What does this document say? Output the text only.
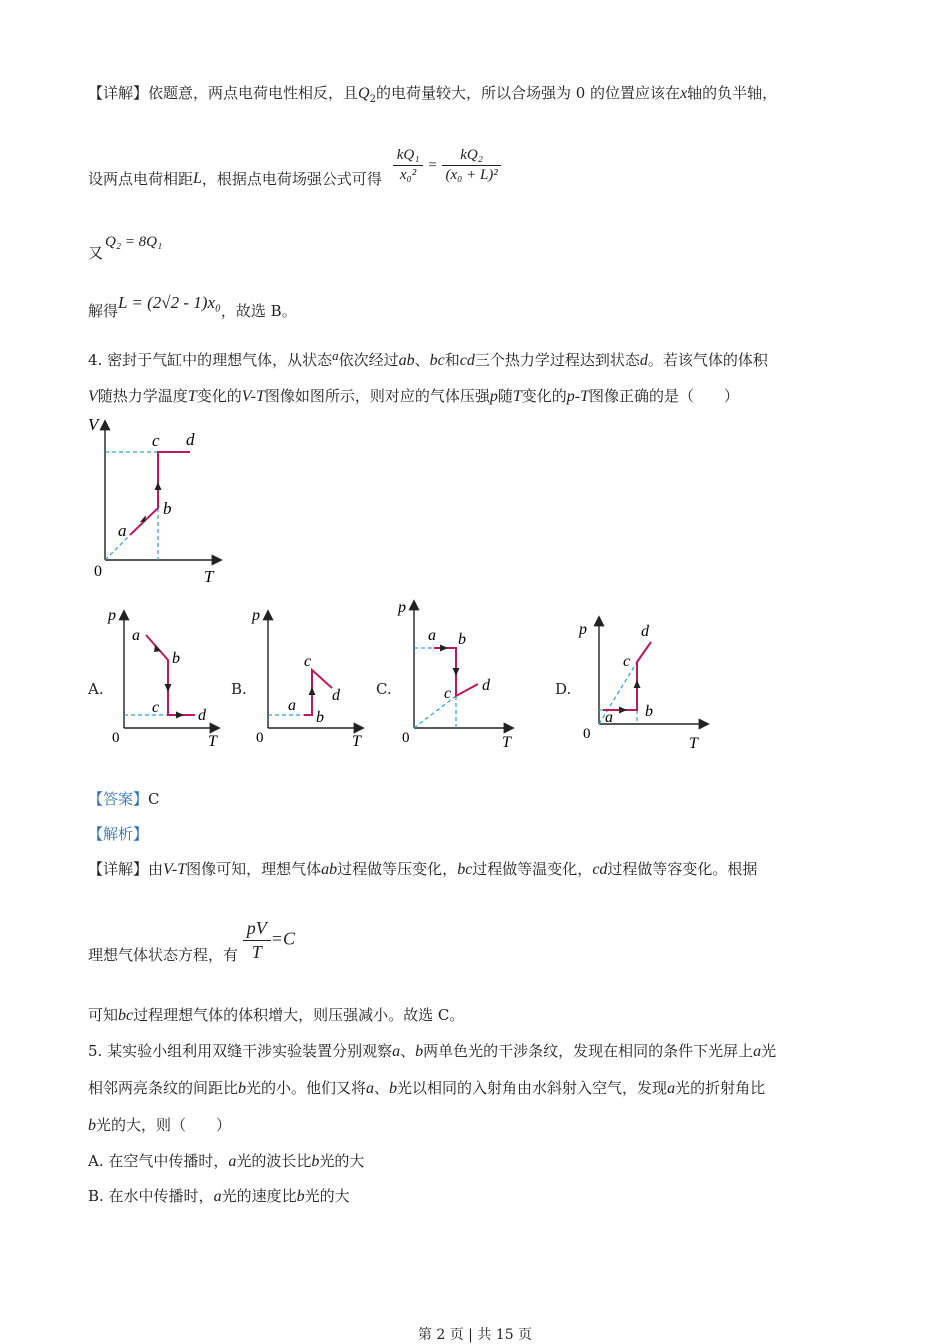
【详解】依题意，两点电荷电性相反，且$Q_2$的电荷量较大，所以合场强为 0 的位置应该在x轴的负半轴，
设两点电荷相距L，根据点电荷场强公式可得 $\frac{\text{kQ₁}}{\text{x₀²}} = \frac{\text{kQ₂}}{\text{(x₀ + L)²}}$
又Q₂ = 8Q₁
解得L = (2√2 - 1)x₀，故选 B。
4. 密封于气缸中的理想气体，从状态a依次经过ab、bc和cd三个热力学过程达到状态d。若该气体的体积
V随热力学温度T变化的V-T图像如图所示，则对应的气体压强p随T变化的p-T图像正确的是（　　）
V
T
0
a
b
c d
A.
p
T
0
a
b
c d
B.
p
T
0
a
b
c
d C.
p
T
0
a b
c d	D.
p
T
0
a b
c
d
【答案】C
【解析】
【详解】由V-T图像可知，理想气体ab过程做等压变化，bc过程做等温变化，cd过程做等容变化。根据
理想气体状态方程，有 $\frac{pV}{T} =C$
可知bc过程理想气体的体积增大，则压强减小。故选 C。
5. 某实验小组利用双缝干涉实验装置分别观察a、b两单色光的干涉条纹，发现在相同的条件下光屏上a光
相邻两亮条纹的间距比b光的小。他们又将a、b光以相同的入射角由水斜射入空气，发现a光的折射角比
b光的大，则（　　）
A. 在空气中传播时，a光的波长比b光的大
B. 在水中传播时，a光的速度比b光的大
第 2 页 | 共 15 页
